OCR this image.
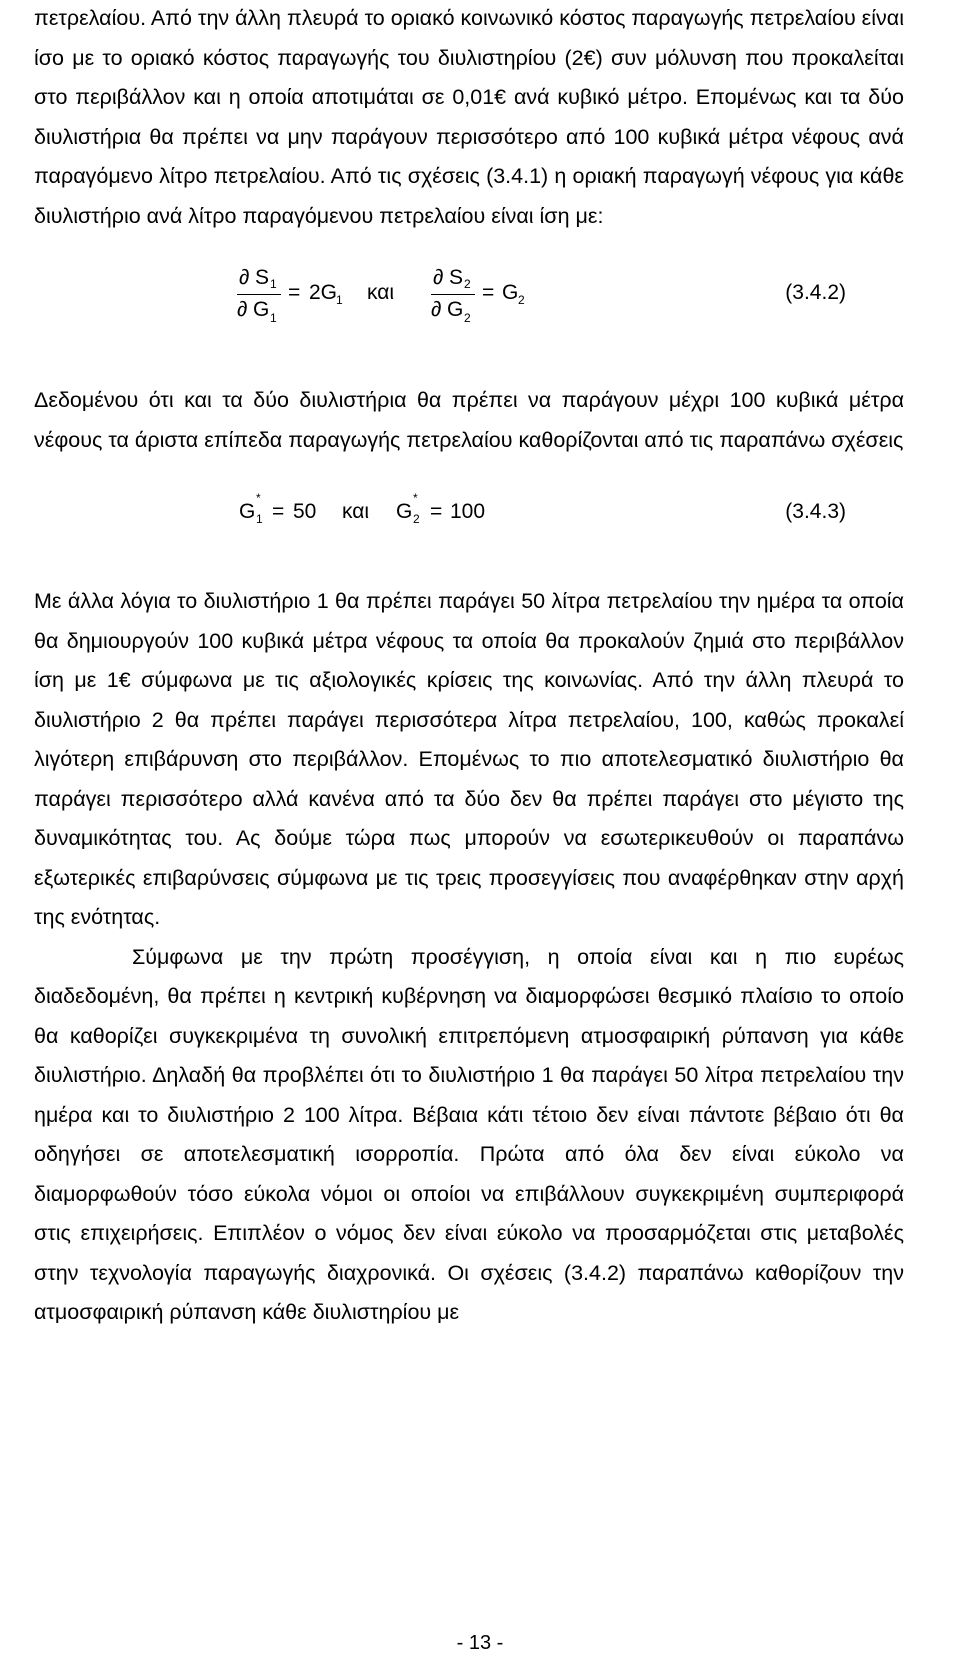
πετρελαίου. Από την άλλη πλευρά το οριακό κοινωνικό κόστος παραγωγής πετρελαίου είναι ίσο με το οριακό κόστος παραγωγής του διυλιστηρίου (2€) συν μόλυνση που προκαλείται στο περιβάλλον και η οποία αποτιμάται σε 0,01€ ανά κυβικό μέτρο. Επομένως και τα δύο διυλιστήρια θα πρέπει να μην παράγουν περισσότερο από 100 κυβικά μέτρα νέφους ανά παραγόμενο λίτρο πετρελαίου. Από τις σχέσεις (3.4.1) η οριακή παραγωγή νέφους για κάθε διυλιστήριο ανά λίτρο παραγόμενου πετρελαίου είναι ίση με:

∂ S 1
∂ G 1
= 2G
1 και
∂ S 2
∂ G 2
= G 2	(3.4.2)

Δεδομένου ότι και τα δύο διυλιστήρια θα πρέπει να παράγουν μέχρι 100 κυβικά μέτρα νέφους τα άριστα επίπεδα παραγωγής πετρελαίου καθορίζονται από τις παραπάνω σχέσεις

G
*
1 = 50 και G
*
2 = 100	(3.4.3)

Με άλλα λόγια το διυλιστήριο 1 θα πρέπει παράγει 50 λίτρα πετρελαίου την ημέρα τα οποία θα δημιουργούν 100 κυβικά μέτρα νέφους τα οποία θα προκαλούν ζημιά στο περιβάλλον ίση με 1€ σύμφωνα με τις αξιολογικές κρίσεις της κοινωνίας. Από την άλλη πλευρά το διυλιστήριο 2 θα πρέπει παράγει περισσότερα λίτρα πετρελαίου, 100, καθώς προκαλεί λιγότερη επιβάρυνση στο περιβάλλον. Επομένως το πιο αποτελεσματικό διυλιστήριο θα παράγει περισσότερο αλλά κανένα από τα δύο δεν θα πρέπει παράγει στο μέγιστο της δυναμικότητας του. Ας δούμε τώρα πως μπορούν να εσωτερικευθούν οι παραπάνω εξωτερικές επιβαρύνσεις σύμφωνα με τις τρεις προσεγγίσεις που αναφέρθηκαν στην αρχή της ενότητας.

Σύμφωνα με την πρώτη προσέγγιση, η οποία είναι και η πιο ευρέως διαδεδομένη, θα πρέπει η κεντρική κυβέρνηση να διαμορφώσει θεσμικό πλαίσιο το οποίο θα καθορίζει συγκεκριμένα τη συνολική επιτρεπόμενη ατμοσφαιρική ρύπανση για κάθε διυλιστήριο. Δηλαδή θα προβλέπει ότι το διυλιστήριο 1 θα παράγει 50 λίτρα πετρελαίου την ημέρα και το διυλιστήριο 2 100 λίτρα. Βέβαια κάτι τέτοιο δεν είναι πάντοτε βέβαιο ότι θα οδηγήσει σε αποτελεσματική ισορροπία. Πρώτα από όλα δεν είναι εύκολο να διαμορφωθούν τόσο εύκολα νόμοι οι οποίοι να επιβάλλουν συγκεκριμένη συμπεριφορά στις επιχειρήσεις. Επιπλέον ο νόμος δεν είναι εύκολο να προσαρμόζεται στις μεταβολές στην τεχνολογία παραγωγής διαχρονικά. Οι σχέσεις (3.4.2) παραπάνω καθορίζουν την ατμοσφαιρική ρύπανση κάθε διυλιστηρίου με

- 13 -
